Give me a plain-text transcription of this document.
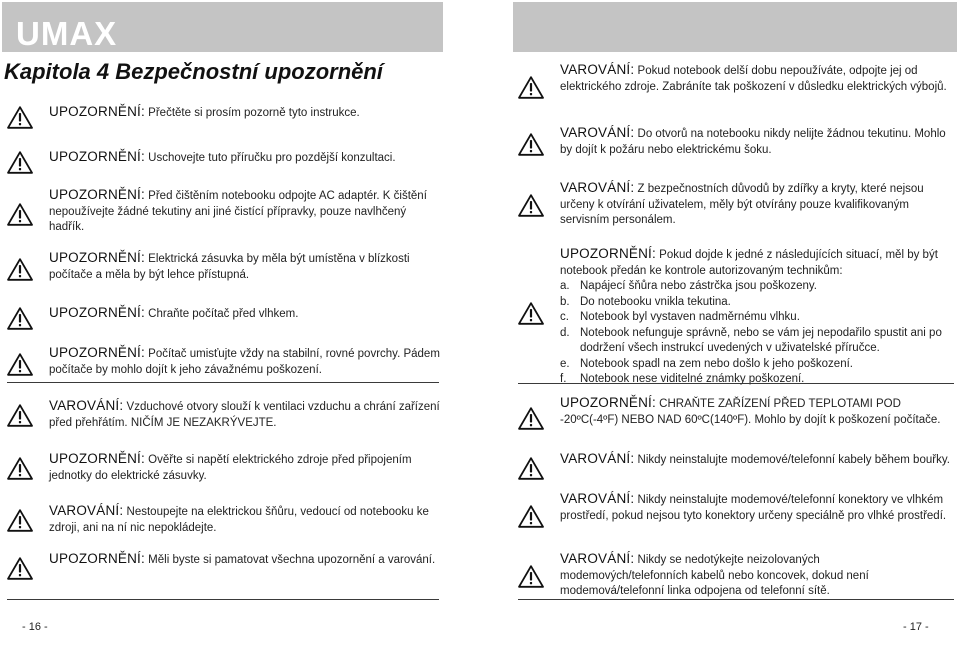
UMAX
Kapitola 4 Bezpečnostní upozornění
UPOZORNĚNÍ: Přečtěte si prosím pozorně tyto instrukce.
UPOZORNĚNÍ: Uschovejte tuto příručku pro pozdější konzultaci.
UPOZORNĚNÍ: Před čištěním notebooku odpojte AC adaptér. K čištění nepoužívejte žádné tekutiny ani jiné čistící přípravky, pouze navlhčený hadřík.
UPOZORNĚNÍ: Elektrická zásuvka by měla být umístěna v blízkosti počítače a měla by být lehce přístupná.
UPOZORNĚNÍ: Chraňte počítač před vlhkem.
UPOZORNĚNÍ: Počítač umisťujte vždy na stabilní, rovné povrchy. Pádem počítače by mohlo dojít k jeho závažnému poškození.
VAROVÁNÍ: Vzduchové otvory slouží k ventilaci vzduchu a chrání zařízení před přehřátím. NIČÍM JE NEZAKRÝVEJTE.
UPOZORNĚNÍ: Ověřte si napětí elektrického zdroje před připojením jednotky do elektrické zásuvky.
VAROVÁNÍ: Nestoupejte na elektrickou šňůru, vedoucí od notebooku ke zdroji, ani na ní nic nepokládejte.
UPOZORNĚNÍ: Měli byste si pamatovat všechna upozornění a varování.
- 16 -
VAROVÁNÍ: Pokud notebook delší dobu nepoužíváte, odpojte jej od elektrického zdroje. Zabráníte tak poškození v důsledku elektrických výbojů.
VAROVÁNÍ: Do otvorů na notebooku nikdy nelijte žádnou tekutinu. Mohlo by dojít k požáru nebo elektrickému šoku.
VAROVÁNÍ: Z bezpečnostních důvodů by zdířky a kryty, které nejsou určeny k otvírání uživatelem, měly být otvírány pouze kvalifikovaným servisním personálem.
UPOZORNĚNÍ: Pokud dojde k jedné z následujících situací, měl by být notebook předán ke kontrole autorizovaným technikům:
a. Napájecí šňůra nebo zástrčka jsou poškozeny.
b. Do notebooku vnikla tekutina.
c. Notebook byl vystaven nadměrnému vlhku.
d. Notebook nefunguje správně, nebo se vám jej nepodařilo spustit ani po dodržení všech instrukcí uvedených v uživatelské příručce.
e. Notebook spadl na zem nebo došlo k jeho poškození.
f.	Notebook nese viditelné známky poškození.
UPOZORNĚNÍ: CHRAŇTE ZAŘÍZENÍ PŘED TEPLOTAMI POD -20ºC(-4ºF) NEBO NAD 60ºC(140ºF). Mohlo by dojít k poškození počítače.
VAROVÁNÍ: Nikdy neinstalujte modemové/telefonní kabely během bouřky.
VAROVÁNÍ: Nikdy neinstalujte modemové/telefonní konektory ve vlhkém prostředí, pokud nejsou tyto konektory určeny speciálně pro vlhké prostředí.
VAROVÁNÍ: Nikdy se nedotýkejte neizolovaných modemových/telefonních kabelů nebo koncovek, dokud není modemová/telefonní linka odpojena od telefonní sítě.
- 17 -
